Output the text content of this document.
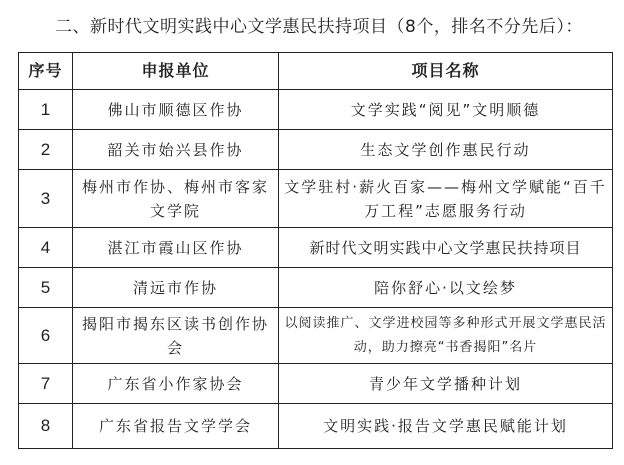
二、新时代文明实践中心文学惠民扶持项目（8个，排名不分先后）：
序号	申报单位	项目名称
1	佛山市顺德区作协	文学实践“阅见”文明顺德
2	韶关市始兴县作协	生态文学创作惠民行动
3	梅州市作协、梅州市客家文学院	文学驻村·薪火百家——梅州文学赋能“百千万工程”志愿服务行动
4	湛江市霞山区作协	新时代文明实践中心文学惠民扶持项目
5	清远市作协	陪你舒心·以文绘梦
6	揭阳市揭东区读书创作协会	以阅读推广、文学进校园等多种形式开展文学惠民活动，助力擦亮“书香揭阳”名片
7	广东省小作家协会	青少年文学播种计划
8	广东省报告文学学会	文明实践·报告文学惠民赋能计划
